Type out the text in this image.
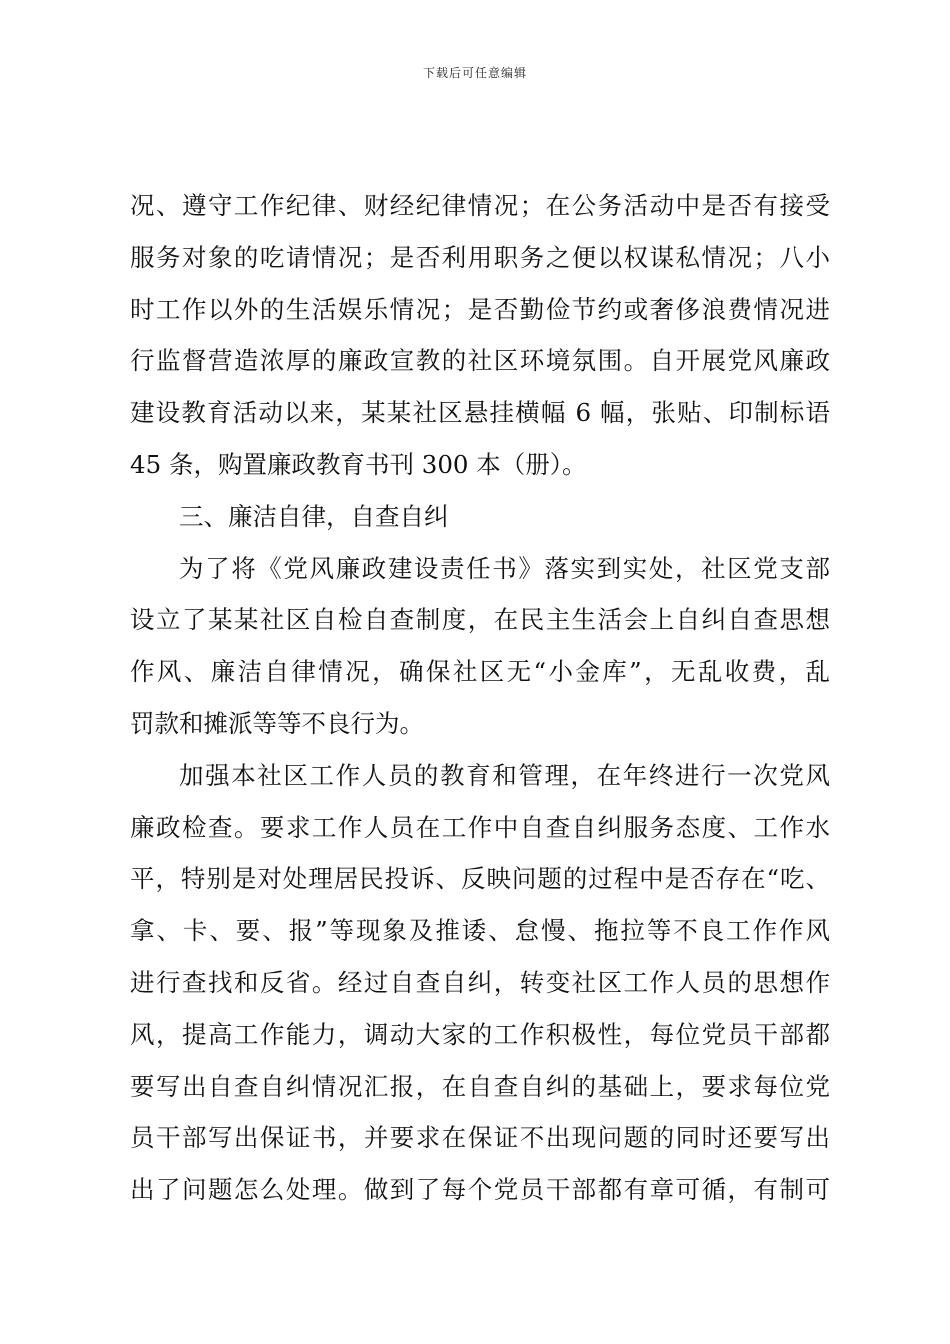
下载后可任意编辑
况、遵守工作纪律、财经纪律情况；在公务活动中是否有接受
服务对象的吃请情况；是否利用职务之便以权谋私情况；八小
时工作以外的生活娱乐情况；是否勤俭节约或奢侈浪费情况进
行监督营造浓厚的廉政宣教的社区环境氛围。自开展党风廉政
建设教育活动以来，某某社区悬挂横幅 6 幅，张贴、印制标语
45 条，购置廉政教育书刊 300 本（册）。
三、廉洁自律，自查自纠
为了将《党风廉政建设责任书》落实到实处，社区党支部
设立了某某社区自检自查制度，在民主生活会上自纠自查思想
作风、廉洁自律情况，确保社区无“小金库”，无乱收费，乱
罚款和摊派等等不良行为。
加强本社区工作人员的教育和管理，在年终进行一次党风
廉政检查。要求工作人员在工作中自查自纠服务态度、工作水
平，特别是对处理居民投诉、反映问题的过程中是否存在“吃、
拿、卡、要、报”等现象及推诿、怠慢、拖拉等不良工作作风
进行查找和反省。经过自查自纠，转变社区工作人员的思想作
风，提高工作能力，调动大家的工作积极性，每位党员干部都
要写出自查自纠情况汇报，在自查自纠的基础上，要求每位党
员干部写出保证书，并要求在保证不出现问题的同时还要写出
出了问题怎么处理。做到了每个党员干部都有章可循，有制可
